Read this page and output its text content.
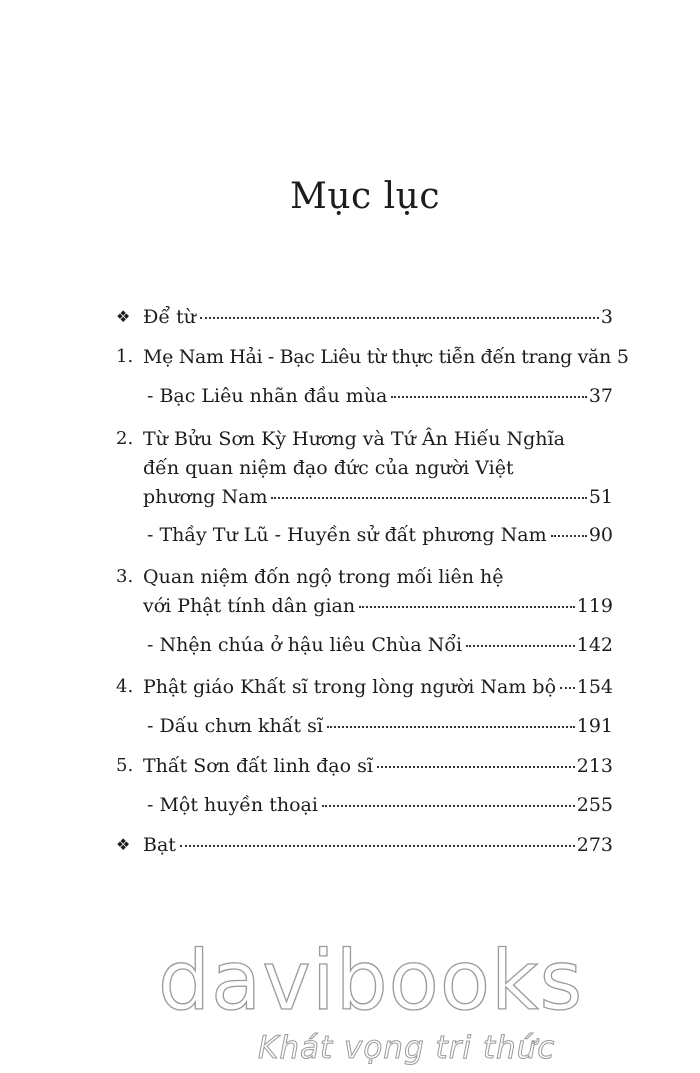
Mục lục
❖ Để từ	3
1. Mẹ Nam Hải - Bạc Liêu từ thực tiễn đến trang văn 5
- Bạc Liêu nhãn đầu mùa	37
2. Từ Bửu Sơn Kỳ Hương và Tứ Ân Hiếu Nghĩa
đến quan niệm đạo đức của người Việt
phương Nam	51
- Thầy Tư Lũ - Huyền sử đất phương Nam 90
3. Quan niệm đốn ngộ trong mối liên hệ
với Phật tính dân gian	119
- Nhện chúa ở hậu liêu Chùa Nổi	142
4. Phật giáo Khất sĩ trong lòng người Nam bộ 154
- Dấu chưn khất sĩ	191
5. Thất Sơn đất linh đạo sĩ	213
- Một huyền thoại	255
❖ Bạt	273
davibooks
Khát vọng tri thức
